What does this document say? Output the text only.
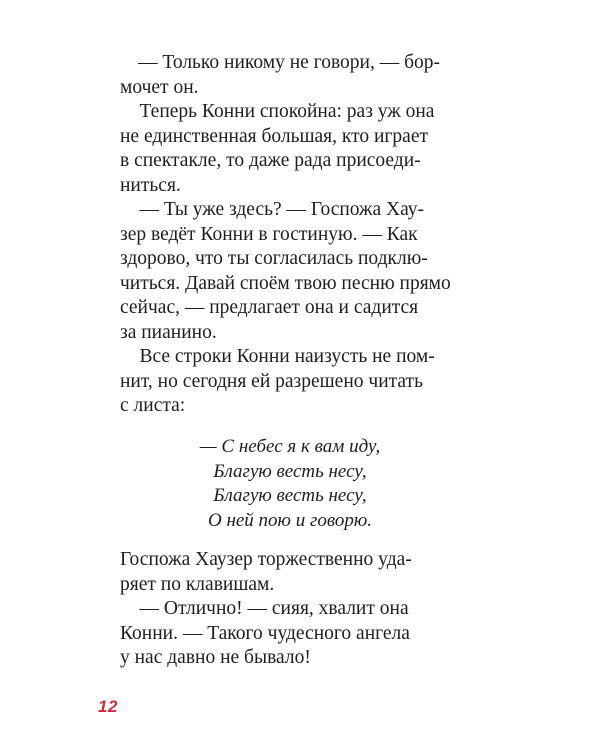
— Только никому не говори, — бор-
мочет он.
Теперь Конни спокойна: раз уж она
не единственная большая, кто играет
в спектакле, то даже рада присоеди-
ниться.
— Ты уже здесь? — Госпожа Хау-
зер ведёт Конни в гостиную. — Как
здорово, что ты согласилась подклю-
читься. Давай споём твою песню прямо
сейчас, — предлагает она и садится
за пианино.
Все строки Конни наизусть не пом-
нит, но сегодня ей разрешено читать
с листа:
— С небес я к вам иду,
Благую весть несу,
Благую весть несу,
О ней пою и говорю.
Госпожа Хаузер торжественно уда-
ряет по клавишам.
— Отлично! — сияя, хвалит она
Конни. — Такого чудесного ангела
у нас давно не бывало!
12
